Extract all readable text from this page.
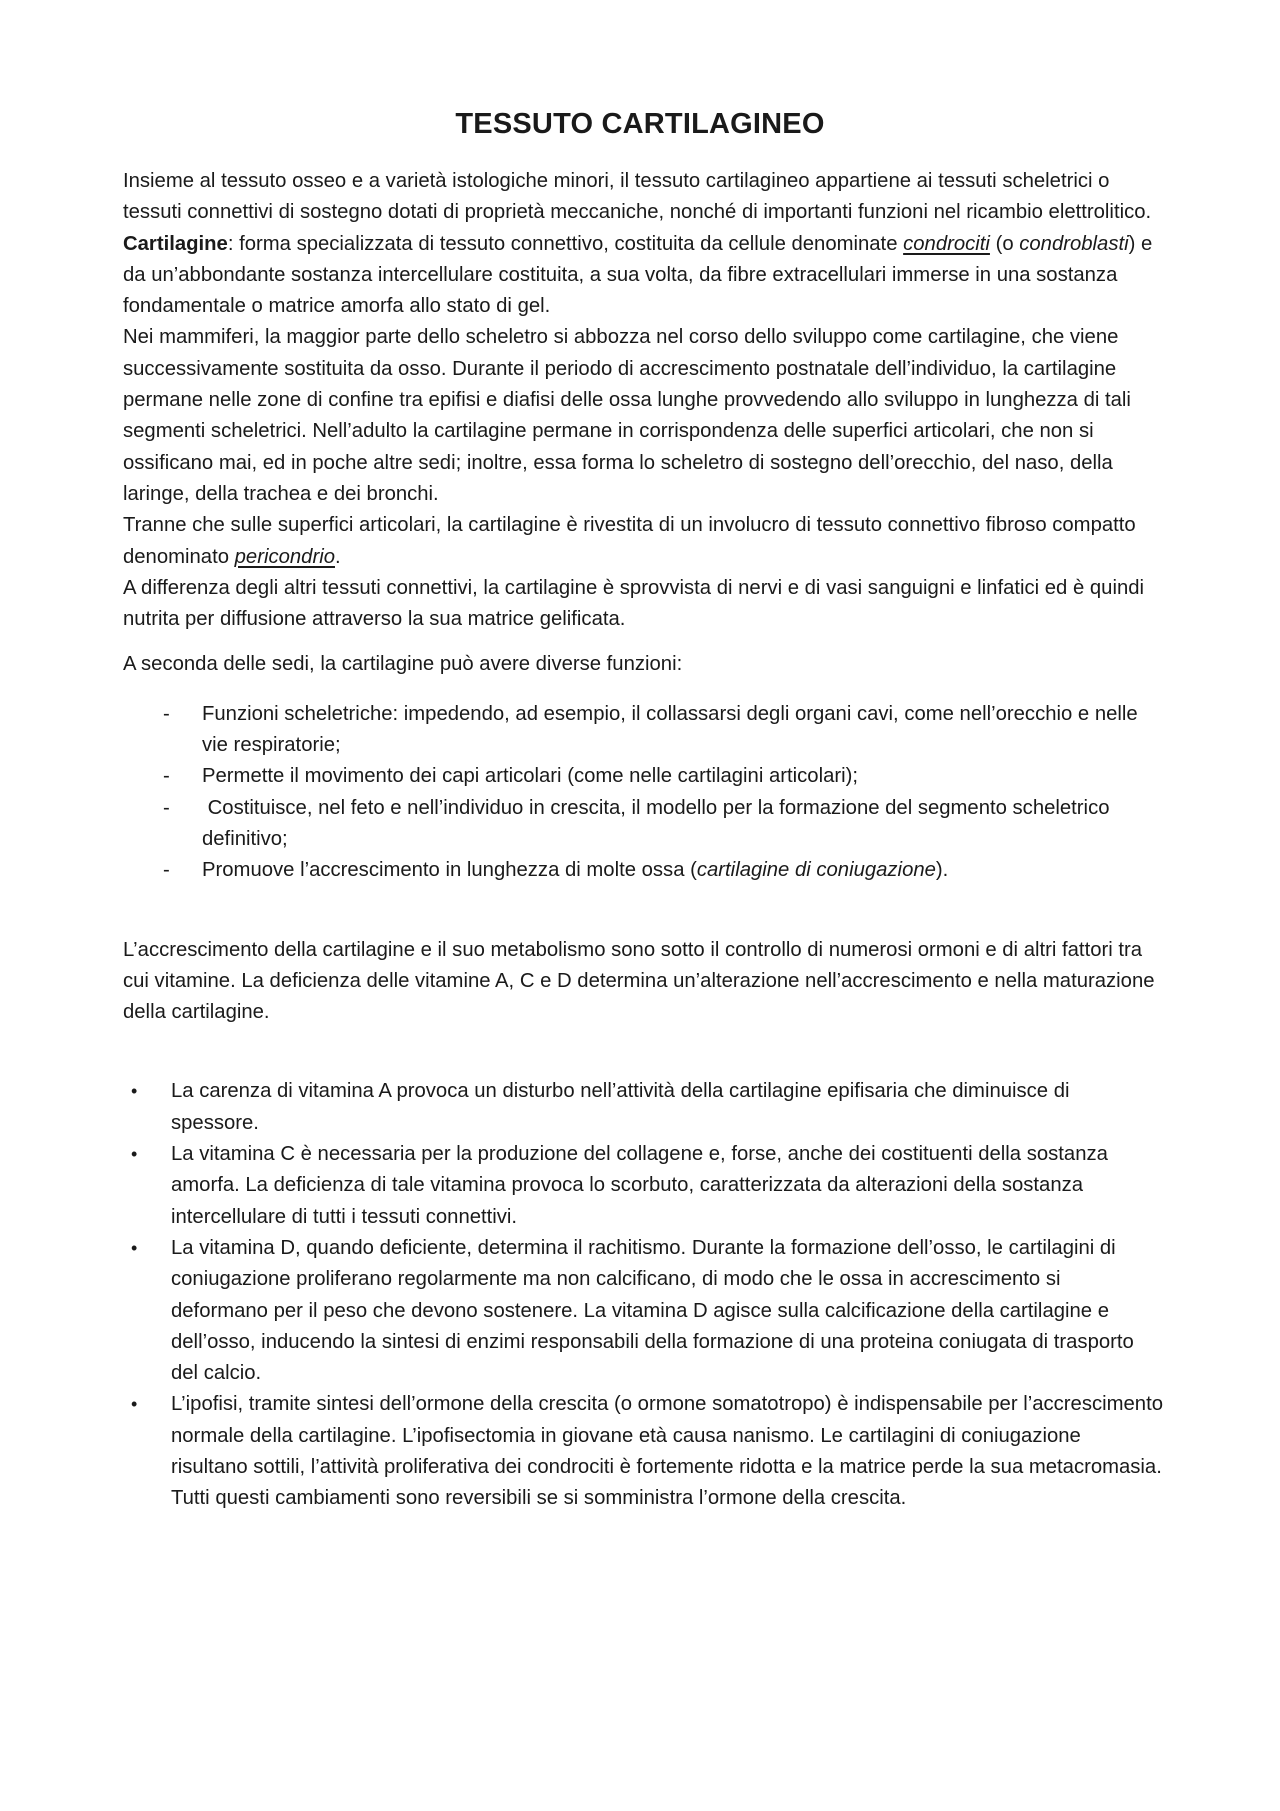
TESSUTO CARTILAGINEO

Insieme al tessuto osseo e a varietà istologiche minori, il tessuto cartilagineo appartiene ai tessuti scheletrici o tessuti connettivi di sostegno dotati di proprietà meccaniche, nonché di importanti funzioni nel ricambio elettrolitico.

Cartilagine: forma specializzata di tessuto connettivo, costituita da cellule denominate condrociti (o condroblasti) e da un’abbondante sostanza intercellulare costituita, a sua volta, da fibre extracellulari immerse in una sostanza fondamentale o matrice amorfa allo stato di gel.

Nei mammiferi, la maggior parte dello scheletro si abbozza nel corso dello sviluppo come cartilagine, che viene successivamente sostituita da osso. Durante il periodo di accrescimento postnatale dell’individuo, la cartilagine permane nelle zone di confine tra epifisi e diafisi delle ossa lunghe provvedendo allo sviluppo in lunghezza di tali segmenti scheletrici. Nell’adulto la cartilagine permane in corrispondenza delle superfici articolari, che non si ossificano mai, ed in poche altre sedi; inoltre, essa forma lo scheletro di sostegno dell’orecchio, del naso, della laringe, della trachea e dei bronchi.

Tranne che sulle superfici articolari, la cartilagine è rivestita di un involucro di tessuto connettivo fibroso compatto denominato pericondrio.

A differenza degli altri tessuti connettivi, la cartilagine è sprovvista di nervi e di vasi sanguigni e linfatici ed è quindi nutrita per diffusione attraverso la sua matrice gelificata.

A seconda delle sedi, la cartilagine può avere diverse funzioni:

- Funzioni scheletriche: impedendo, ad esempio, il collassarsi degli organi cavi, come nell’orecchio e nelle vie respiratorie;
- Permette il movimento dei capi articolari (come nelle cartilagini articolari);
- Costituisce, nel feto e nell’individuo in crescita, il modello per la formazione del segmento scheletrico definitivo;
- Promuove l’accrescimento in lunghezza di molte ossa (cartilagine di coniugazione).

L’accrescimento della cartilagine e il suo metabolismo sono sotto il controllo di numerosi ormoni e di altri fattori tra cui vitamine. La deficienza delle vitamine A, C e D determina un’alterazione nell’accrescimento e nella maturazione della cartilagine.

• La carenza di vitamina A provoca un disturbo nell’attività della cartilagine epifisaria che diminuisce di spessore.
• La vitamina C è necessaria per la produzione del collagene e, forse, anche dei costituenti della sostanza amorfa. La deficienza di tale vitamina provoca lo scorbuto, caratterizzata da alterazioni della sostanza intercellulare di tutti i tessuti connettivi.
• La vitamina D, quando deficiente, determina il rachitismo. Durante la formazione dell’osso, le cartilagini di coniugazione proliferano regolarmente ma non calcificano, di modo che le ossa in accrescimento si deformano per il peso che devono sostenere. La vitamina D agisce sulla calcificazione della cartilagine e dell’osso, inducendo la sintesi di enzimi responsabili della formazione di una proteina coniugata di trasporto del calcio.
• L’ipofisi, tramite sintesi dell’ormone della crescita (o ormone somatotropo) è indispensabile per l’accrescimento normale della cartilagine. L’ipofisectomia in giovane età causa nanismo. Le cartilagini di coniugazione risultano sottili, l’attività proliferativa dei condrociti è fortemente ridotta e la matrice perde la sua metacromasia. Tutti questi cambiamenti sono reversibili se si somministra l’ormone della crescita.
